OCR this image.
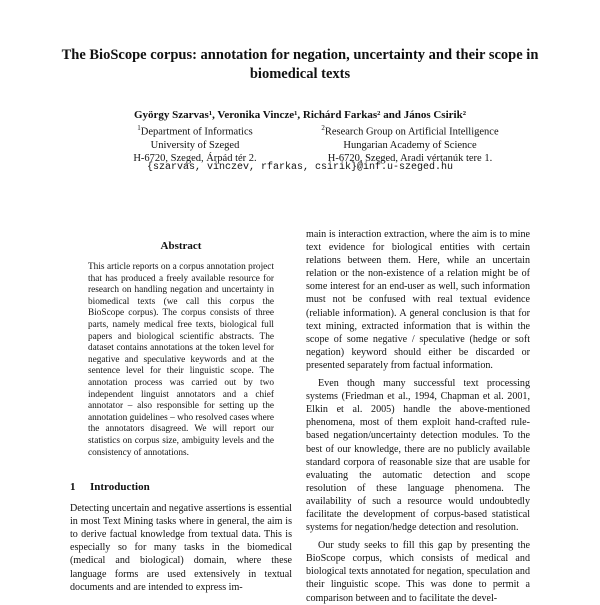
The BioScope corpus: annotation for negation, uncertainty and their scope in biomedical texts
György Szarvas¹, Veronika Vincze¹, Richárd Farkas² and János Csirik²
$^1$Department of Informatics
University of Szeged
H-6720, Szeged, Árpád tér 2.
$^2$Research Group on Artificial Intelligence
Hungarian Academy of Science
H-6720, Szeged, Aradi vértanúk tere 1.
{szarvas, vinczev, rfarkas, csirik}@inf.u-szeged.hu
Abstract

This article reports on a corpus annotation project that has produced a freely available resource for research on handling negation and uncertainty in biomedical texts (we call this corpus the BioScope corpus). The corpus consists of three parts, namely medical free texts, biological full papers and biological scientific abstracts. The dataset contains annotations at the token level for negative and speculative keywords and at the sentence level for their linguistic scope. The annotation process was carried out by two independent linguist annotators and a chief annotator – also responsible for setting up the annotation guidelines – who resolved cases where the annotators disagreed. We will report our statistics on corpus size, ambiguity levels and the consistency of annotations.

1 Introduction

Detecting uncertain and negative assertions is essential in most Text Mining tasks where in general, the aim is to derive factual knowledge from textual data. This is especially so for many tasks in the biomedical (medical and biological) domain, where these language forms are used extensively in textual documents and are intended to express im-

main is interaction extraction, where the aim is to mine text evidence for biological entities with certain relations between them. Here, while an uncertain relation or the non-existence of a relation might be of some interest for an end-user as well, such information must not be confused with real textual evidence (reliable information). A general conclusion is that for text mining, extracted information that is within the scope of some negative / speculative (hedge or soft negation) keyword should either be discarded or presented separately from factual information.

Even though many successful text processing systems (Friedman et al., 1994, Chapman et al. 2001, Elkin et al. 2005) handle the above-mentioned phenomena, most of them exploit hand-crafted rule-based negation/uncertainty detection modules. To the best of our knowledge, there are no publicly available standard corpora of reasonable size that are usable for evaluating the automatic detection and scope resolution of these language phenomena. The availability of such a resource would undoubtedly facilitate the development of corpus-based statistical systems for negation/hedge detection and resolution.

Our study seeks to fill this gap by presenting the BioScope corpus, which consists of medical and biological texts annotated for negation, speculation and their linguistic scope. This was done to permit a comparison between and to facilitate the devel-
